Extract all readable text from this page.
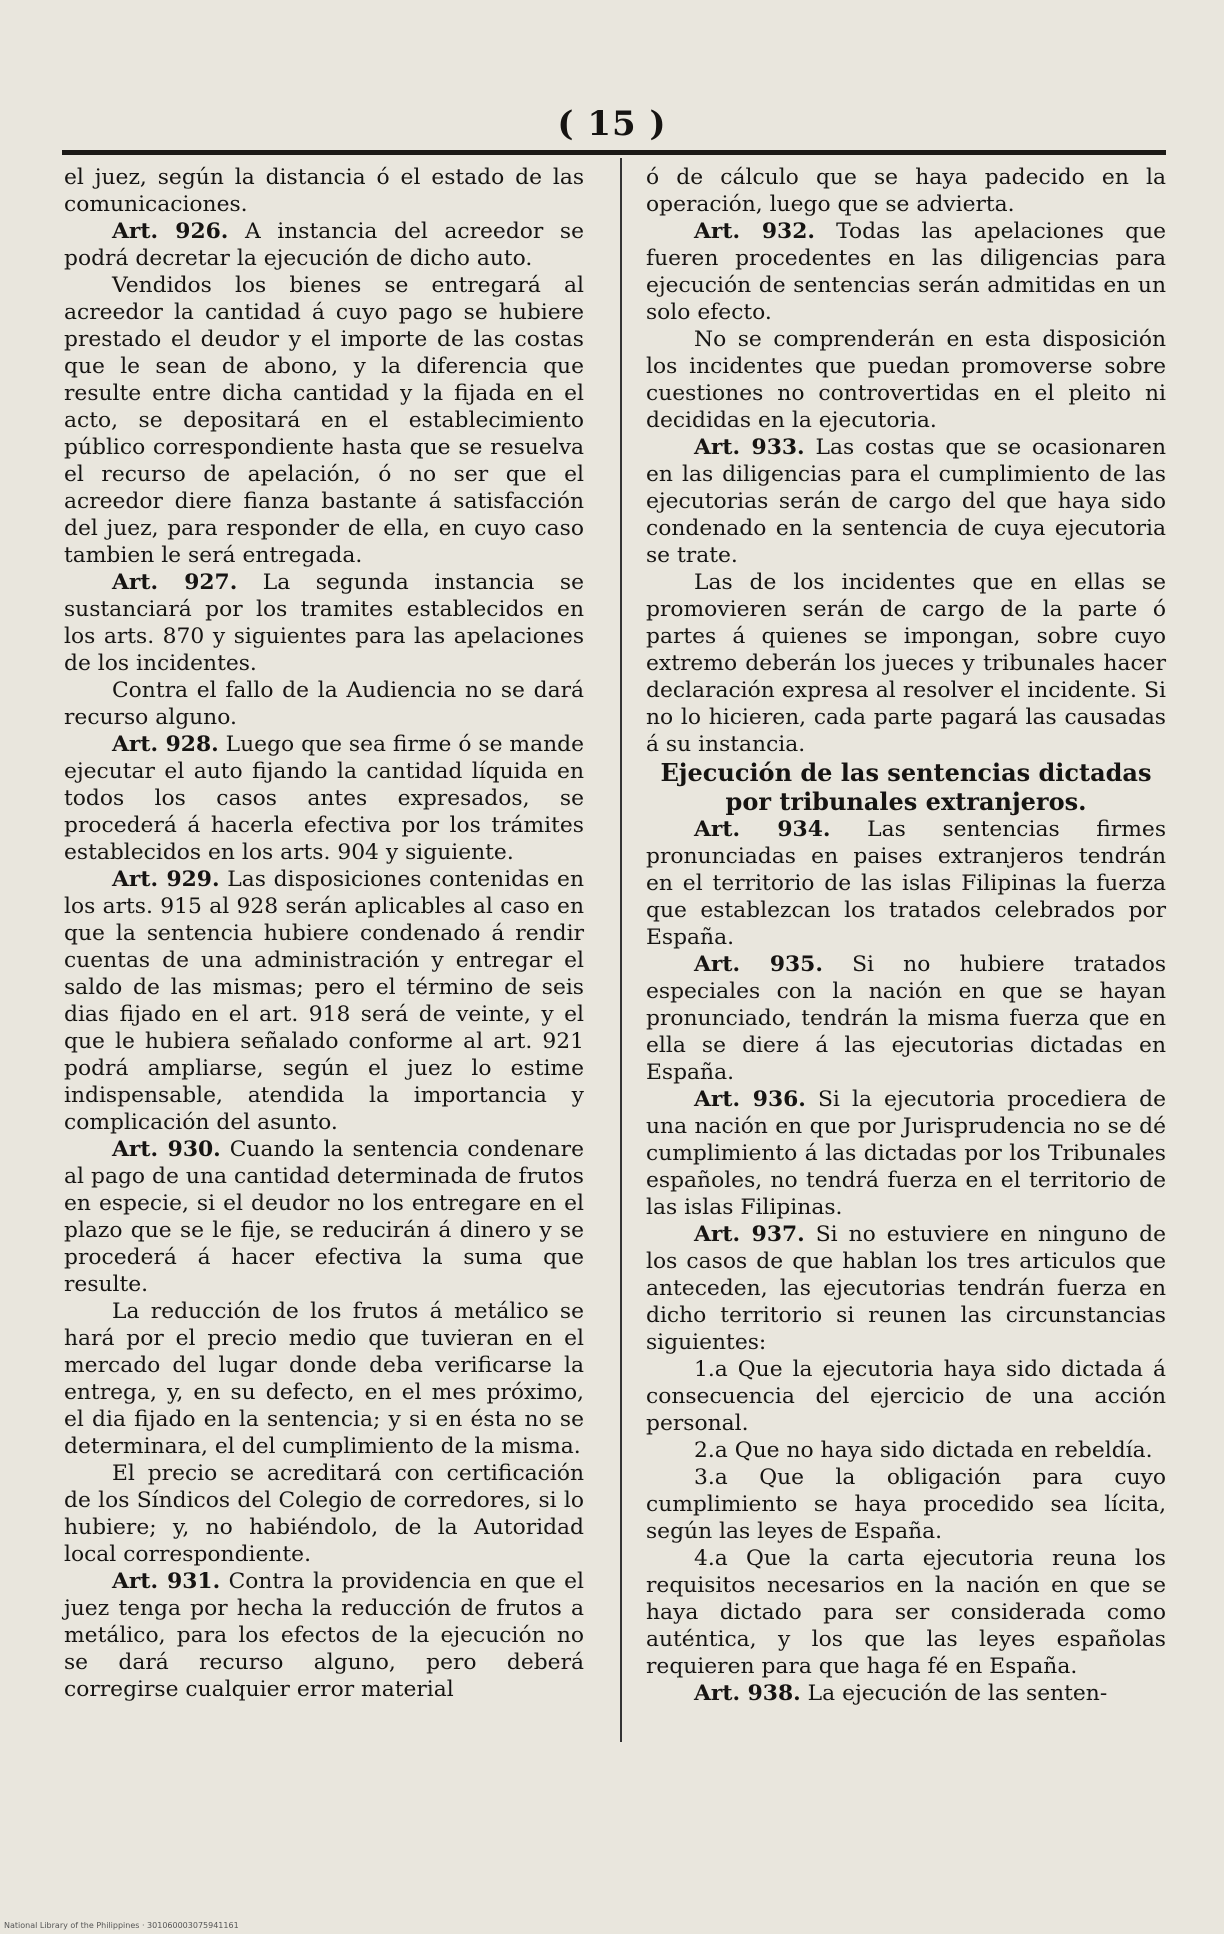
( 15 )

el juez, según la distancia ó el estado de las comunicaciones.

Art. 926. A instancia del acreedor se podrá decretar la ejecución de dicho auto.

Vendidos los bienes se entregará al acreedor la cantidad á cuyo pago se hubiere prestado el deudor y el importe de las costas que le sean de abono, y la diferencia que resulte entre dicha cantidad y la fijada en el acto, se depositará en el establecimiento público correspondiente hasta que se resuelva el recurso de apelación, ó no ser que el acreedor diere fianza bastante á satisfacción del juez, para responder de ella, en cuyo caso tambien le será entregada.

Art. 927. La segunda instancia se sustanciará por los tramites establecidos en los arts. 870 y siguientes para las apelaciones de los incidentes.

Contra el fallo de la Audiencia no se dará recurso alguno.

Art. 928. Luego que sea firme ó se mande ejecutar el auto fijando la cantidad líquida en todos los casos antes expresados, se procederá á hacerla efectiva por los trámites establecidos en los arts. 904 y siguiente.

Art. 929. Las disposiciones contenidas en los arts. 915 al 928 serán aplicables al caso en que la sentencia hubiere condenado á rendir cuentas de una administración y entregar el saldo de las mismas; pero el término de seis dias fijado en el art. 918 será de veinte, y el que le hubiera señalado conforme al art. 921 podrá ampliarse, según el juez lo estime indispensable, atendida la importancia y complicación del asunto.

Art. 930. Cuando la sentencia condenare al pago de una cantidad determinada de frutos en especie, si el deudor no los entregare en el plazo que se le fije, se reducirán á dinero y se procederá á hacer efectiva la suma que resulte.

La reducción de los frutos á metálico se hará por el precio medio que tuvieran en el mercado del lugar donde deba verificarse la entrega, y, en su defecto, en el mes próximo, el dia fijado en la sentencia; y si en ésta no se determinara, el del cumplimiento de la misma.

El precio se acreditará con certificación de los Síndicos del Colegio de corredores, si lo hubiere; y, no habiéndolo, de la Autoridad local correspondiente.

Art. 931. Contra la providencia en que el juez tenga por hecha la reducción de frutos a metálico, para los efectos de la ejecución no se dará recurso alguno, pero deberá corregirse cualquier error material

ó de cálculo que se haya padecido en la operación, luego que se advierta.

Art. 932. Todas las apelaciones que fueren procedentes en las diligencias para ejecución de sentencias serán admitidas en un solo efecto.

No se comprenderán en esta disposición los incidentes que puedan promoverse sobre cuestiones no controvertidas en el pleito ni decididas en la ejecutoria.

Art. 933. Las costas que se ocasionaren en las diligencias para el cumplimiento de las ejecutorias serán de cargo del que haya sido condenado en la sentencia de cuya ejecutoria se trate.

Las de los incidentes que en ellas se promovieren serán de cargo de la parte ó partes á quienes se impongan, sobre cuyo extremo deberán los jueces y tribunales hacer declaración expresa al resolver el incidente. Si no lo hicieren, cada parte pagará las causadas á su instancia.

Ejecución de las sentencias dictadas por tribunales extranjeros.

Art. 934. Las sentencias firmes pronunciadas en paises extranjeros tendrán en el territorio de las islas Filipinas la fuerza que establezcan los tratados celebrados por España.

Art. 935. Si no hubiere tratados especiales con la nación en que se hayan pronunciado, tendrán la misma fuerza que en ella se diere á las ejecutorias dictadas en España.

Art. 936. Si la ejecutoria procediera de una nación en que por Jurisprudencia no se dé cumplimiento á las dictadas por los Tribunales españoles, no tendrá fuerza en el territorio de las islas Filipinas.

Art. 937. Si no estuviere en ninguno de los casos de que hablan los tres articulos que anteceden, las ejecutorias tendrán fuerza en dicho territorio si reunen las circunstancias siguientes:

1.a Que la ejecutoria haya sido dictada á consecuencia del ejercicio de una acción personal.

2.a Que no haya sido dictada en rebeldía.

3.a Que la obligación para cuyo cumplimiento se haya procedido sea lícita, según las leyes de España.

4.a Que la carta ejecutoria reuna los requisitos necesarios en la nación en que se haya dictado para ser considerada como auténtica, y los que las leyes españolas requieren para que haga fé en España.

Art. 938. La ejecución de las senten-

National Library of the Philippines · 301060003075941161
